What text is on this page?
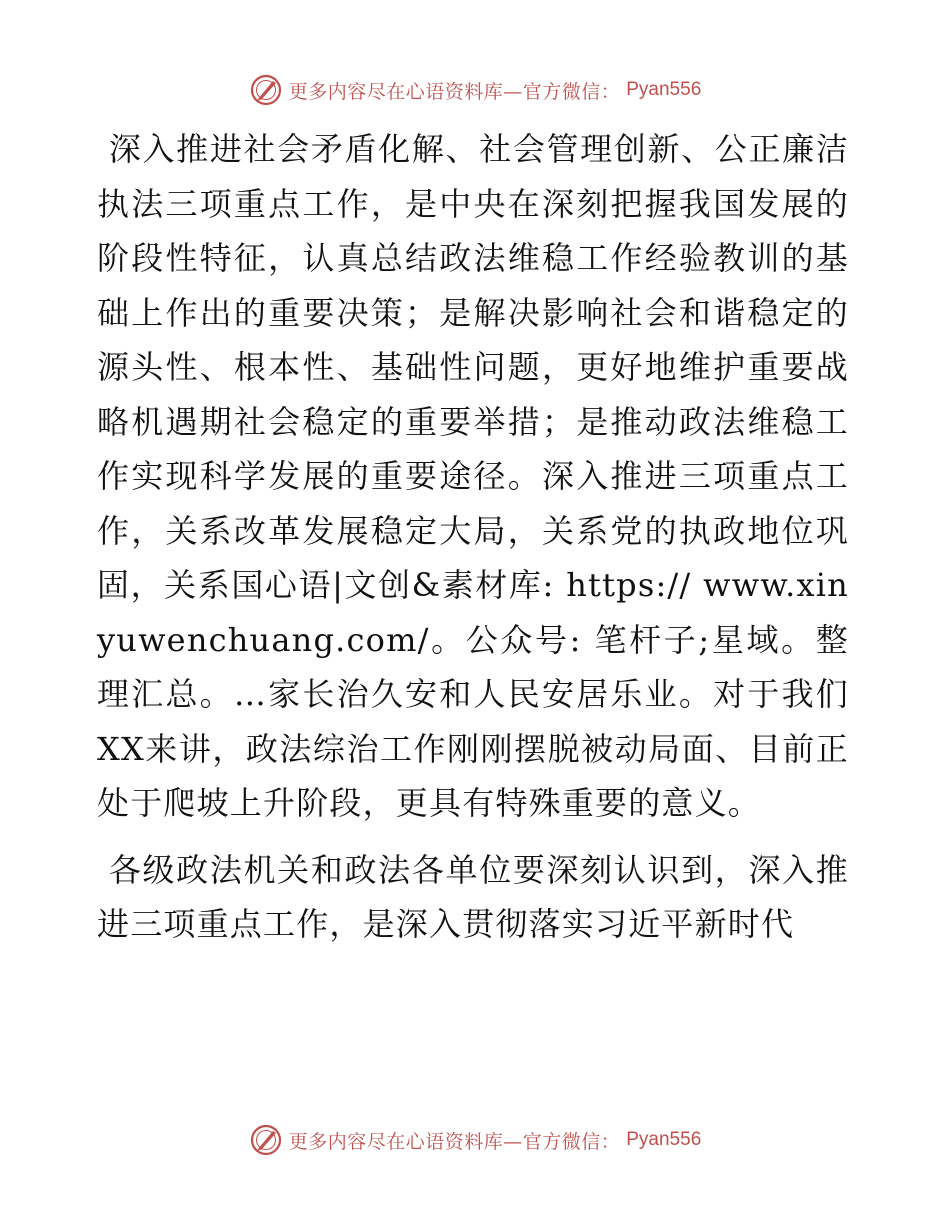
更多内容尽在心语资料库—官方微信： Pyan556

深入推进社会矛盾化解、社会管理创新、公正廉洁执法三项重点工作，是中央在深刻把握我国发展的阶段性特征，认真总结政法维稳工作经验教训的基础上作出的重要决策；是解决影响社会和谐稳定的源头性、根本性、基础性问题，更好地维护重要战略机遇期社会稳定的重要举措；是推动政法维稳工作实现科学发展的重要途径。深入推进三项重点工作，关系改革发展稳定大局，关系党的执政地位巩固，关系国心语|文创&素材库: https:// www.xinyuwenchuang.com/。公众号: 笔杆子;星域。整理汇总。…家长治久安和人民安居乐业。对于我们XX来讲，政法综治工作刚刚摆脱被动局面、目前正处于爬坡上升阶段，更具有特殊重要的意义。

各级政法机关和政法各单位要深刻认识到，深入推进三项重点工作，是深入贯彻落实习近平新时代

更多内容尽在心语资料库—官方微信： Pyan556
